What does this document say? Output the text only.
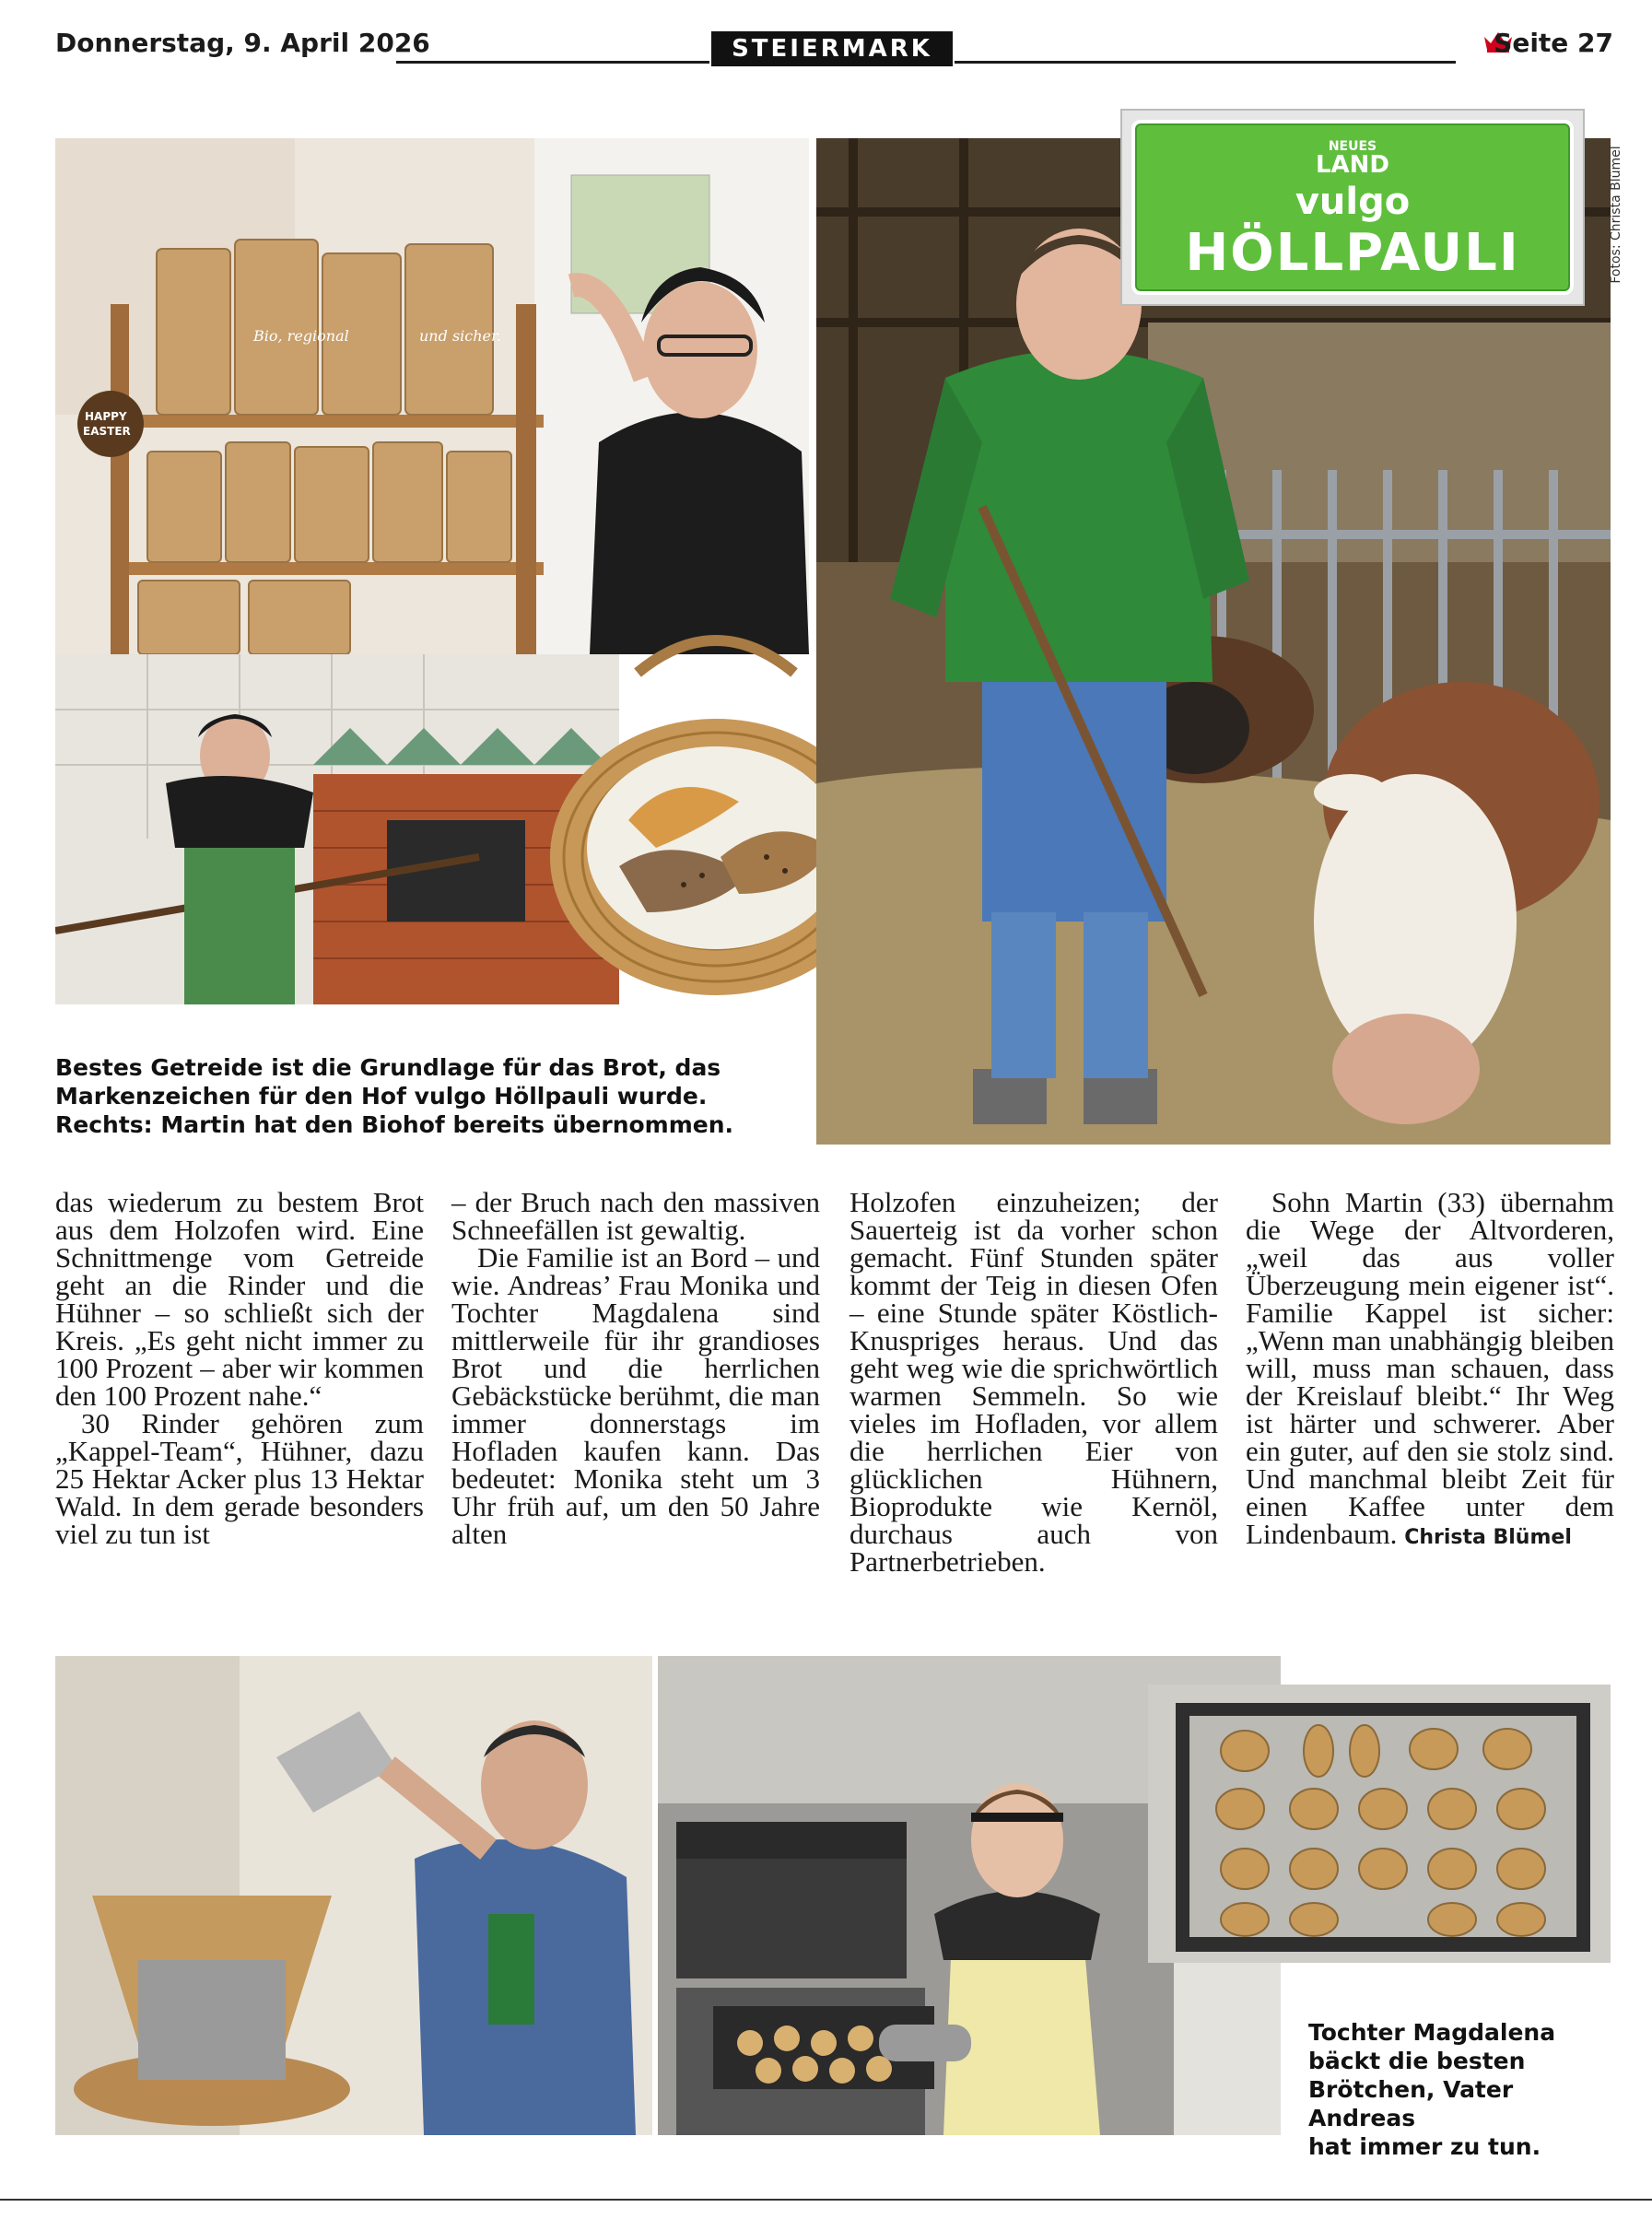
Donnerstag, 9. April 2026	STEIERMARK	Seite 27
Bio, regional	und sicher.
HAPPY
EASTER
NEUES
LAND
vulgo
HÖLLPAULI	Fotos: Christa Blümel
Bestes Getreide ist die Grundlage für das Brot, das
Markenzeichen für den Hof vulgo Höllpauli wurde.
Rechts: Martin hat den Biohof bereits übernommen.

das wiederum zu bestem Brot aus dem Holzofen wird. Eine Schnittmenge vom Getreide geht an die Rinder und die Hühner – so schließt sich der Kreis. „Es geht nicht immer zu 100 Prozent – aber wir kommen den 100 Prozent nahe.“

30 Rinder gehören zum „Kappel-Team“, Hühner, dazu 25 Hektar Acker plus 13 Hektar Wald. In dem gerade besonders viel zu tun ist

– der Bruch nach den massiven Schneefällen ist gewaltig.

Die Familie ist an Bord – und wie. Andreas’ Frau Monika und Tochter Magdalena sind mittlerweile für ihr grandioses Brot und die herrlichen Gebäckstücke berühmt, die man immer donnerstags im Hofladen kaufen kann. Das bedeutet: Monika steht um 3 Uhr früh auf, um den 50 Jahre alten

Holzofen einzuheizen; der Sauerteig ist da vorher schon gemacht. Fünf Stunden später kommt der Teig in diesen Ofen – eine Stunde später Köstlich-Knuspriges heraus. Und das geht weg wie die sprichwörtlich warmen Semmeln. So wie vieles im Hofladen, vor allem die herrlichen Eier von glücklichen Hühnern, Bioprodukte wie Kernöl, durchaus auch von Partnerbetrieben.

Sohn Martin (33) übernahm die Wege der Altvorderen, „weil das aus voller Überzeugung mein eigener ist“. Familie Kappel ist sicher: „Wenn man unabhängig bleiben will, muss man schauen, dass der Kreislauf bleibt.“ Ihr Weg ist härter und schwerer. Aber ein guter, auf den sie stolz sind. Und manchmal bleibt Zeit für einen Kaffee unter dem Lindenbaum. Christa Blümel

Tochter Magdalena
bäckt die besten
Brötchen, Vater Andreas
hat immer zu tun.
